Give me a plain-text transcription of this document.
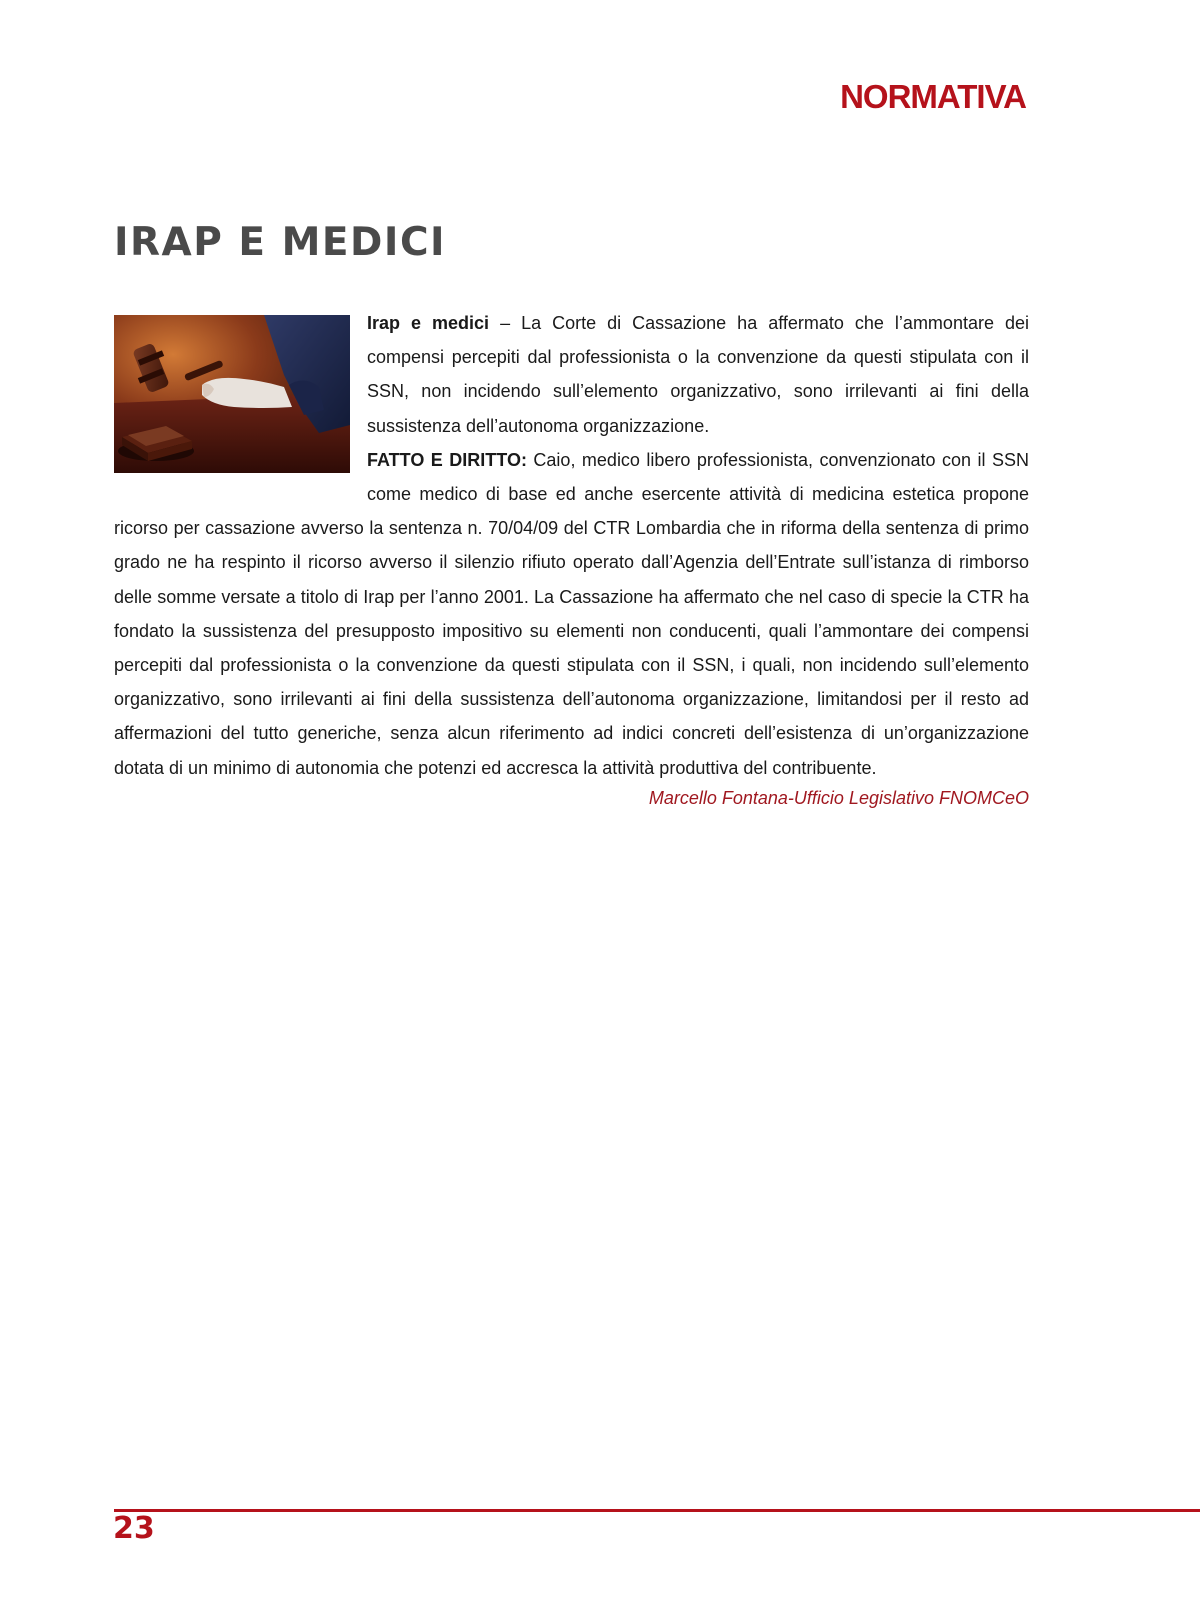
NORMATIVA
IRAP E MEDICI

Irap e medici – La Corte di Cassazione ha affermato che l’ammontare dei compensi percepiti dal professionista o la convenzione da questi stipulata con il SSN, non incidendo sull’elemento organizzativo, sono irrilevanti ai fini della sussistenza dell’autonoma organizzazione.

FATTO E DIRITTO: Caio, medico libero professionista, convenzionato con il SSN come medico di base ed anche esercente attività di medicina estetica propone ricorso per cassazione avverso la sentenza n. 70/04/09 del CTR Lombardia che in riforma della sentenza di primo grado ne ha respinto il ricorso avverso il silenzio rifiuto operato dall’Agenzia dell’Entrate sull’istanza di rimborso delle somme versate a titolo di Irap per l’anno 2001. La Cassazione ha affermato che nel caso di specie la CTR ha fondato la sussistenza del presupposto impositivo su elementi non conducenti, quali l’ammontare dei compensi percepiti dal professionista o la convenzione da questi stipulata con il SSN, i quali, non incidendo sull’elemento organizzativo, sono irrilevanti ai fini della sussistenza dell’autonoma organizzazione, limitandosi per il resto ad affermazioni del tutto generiche, senza alcun riferimento ad indici concreti dell’esistenza di un’organizzazione dotata di un minimo di autonomia che potenzi ed accresca la attività produttiva del contribuente.

Marcello Fontana-Ufficio Legislativo FNOMCeO
23
